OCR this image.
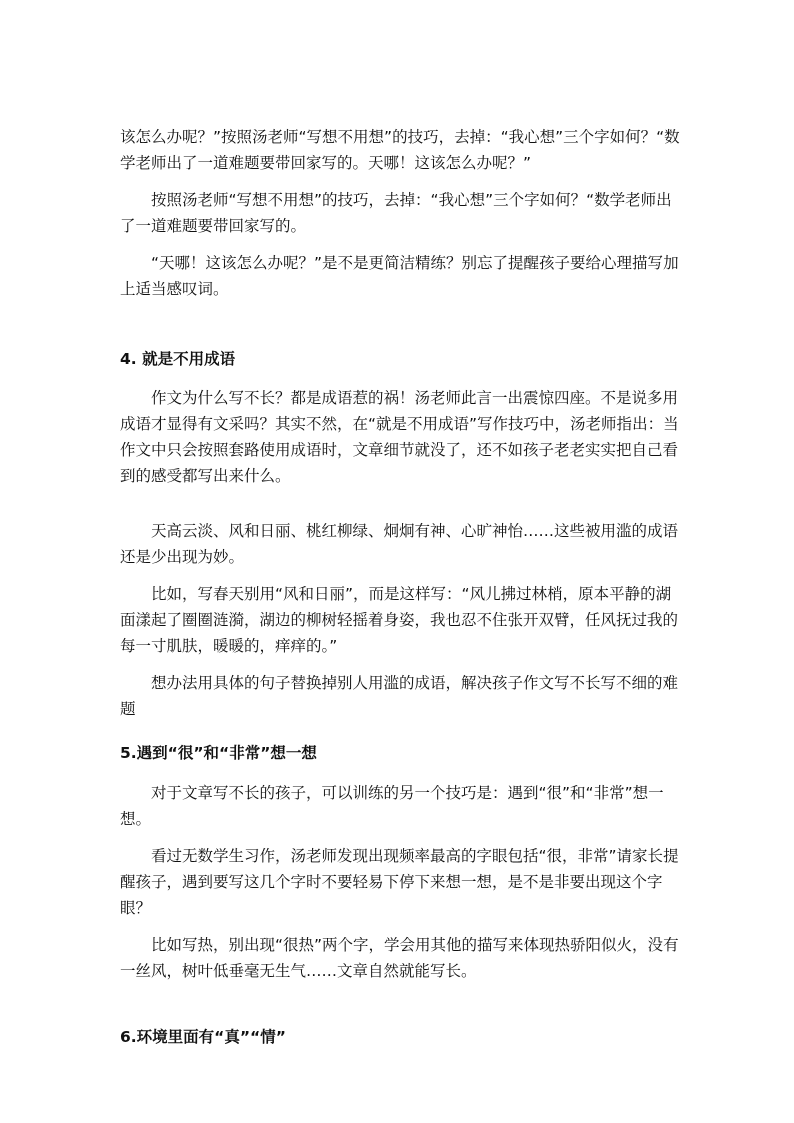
该怎么办呢？”按照汤老师“写想不用想”的技巧，去掉：“我心想”三个字如何？“数学老师出了一道难题要带回家写的。天哪！这该怎么办呢？”

按照汤老师“写想不用想”的技巧，去掉：“我心想”三个字如何？“数学老师出了一道难题要带回家写的。

“天哪！这该怎么办呢？”是不是更简洁精练？别忘了提醒孩子要给心理描写加上适当感叹词。

4. 就是不用成语

作文为什么写不长？都是成语惹的祸！汤老师此言一出震惊四座。不是说多用成语才显得有文采吗？其实不然，在“就是不用成语”写作技巧中，汤老师指出：当作文中只会按照套路使用成语时，文章细节就没了，还不如孩子老老实实把自己看到的感受都写出来什么。

天高云淡、风和日丽、桃红柳绿、炯炯有神、心旷神怡……这些被用滥的成语还是少出现为妙。

比如，写春天别用“风和日丽”，而是这样写：“风儿拂过林梢，原本平静的湖面漾起了圈圈涟漪，湖边的柳树轻摇着身姿，我也忍不住张开双臂，任风抚过我的每一寸肌肤，暖暖的，痒痒的。”

想办法用具体的句子替换掉别人用滥的成语，解决孩子作文写不长写不细的难题

5.遇到“很”和“非常”想一想

对于文章写不长的孩子，可以训练的另一个技巧是：遇到“很”和“非常”想一想。

看过无数学生习作，汤老师发现出现频率最高的字眼包括“很，非常”请家长提醒孩子，遇到要写这几个字时不要轻易下停下来想一想，是不是非要出现这个字眼？

比如写热，别出现“很热”两个字，学会用其他的描写来体现热骄阳似火，没有一丝风，树叶低垂毫无生气……文章自然就能写长。

6.环境里面有“真”“情”
